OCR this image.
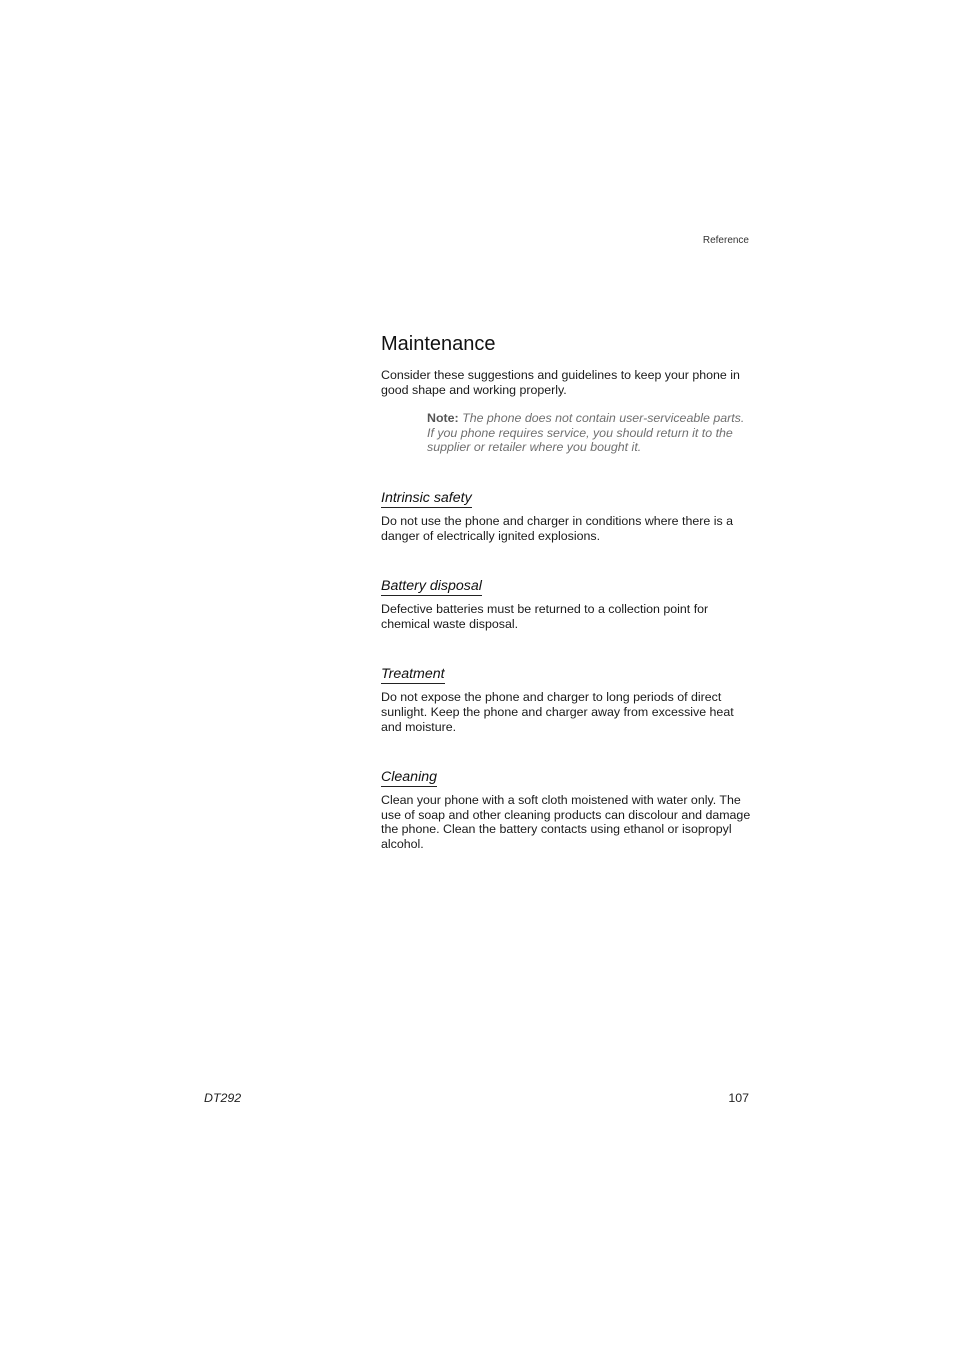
Reference
Maintenance

Consider these suggestions and guidelines to keep your phone in good shape and working properly.

Note: The phone does not contain user-serviceable parts. If you phone requires service, you should return it to the supplier or retailer where you bought it.

Intrinsic safety

Do not use the phone and charger in conditions where there is a danger of electrically ignited explosions.

Battery disposal

Defective batteries must be returned to a collection point for chemical waste disposal.

Treatment

Do not expose the phone and charger to long periods of direct sunlight. Keep the phone and charger away from excessive heat and moisture.

Cleaning

Clean your phone with a soft cloth moistened with water only. The use of soap and other cleaning products can discolour and damage the phone. Clean the battery contacts using ethanol or isopropyl alcohol.

DT292	107
